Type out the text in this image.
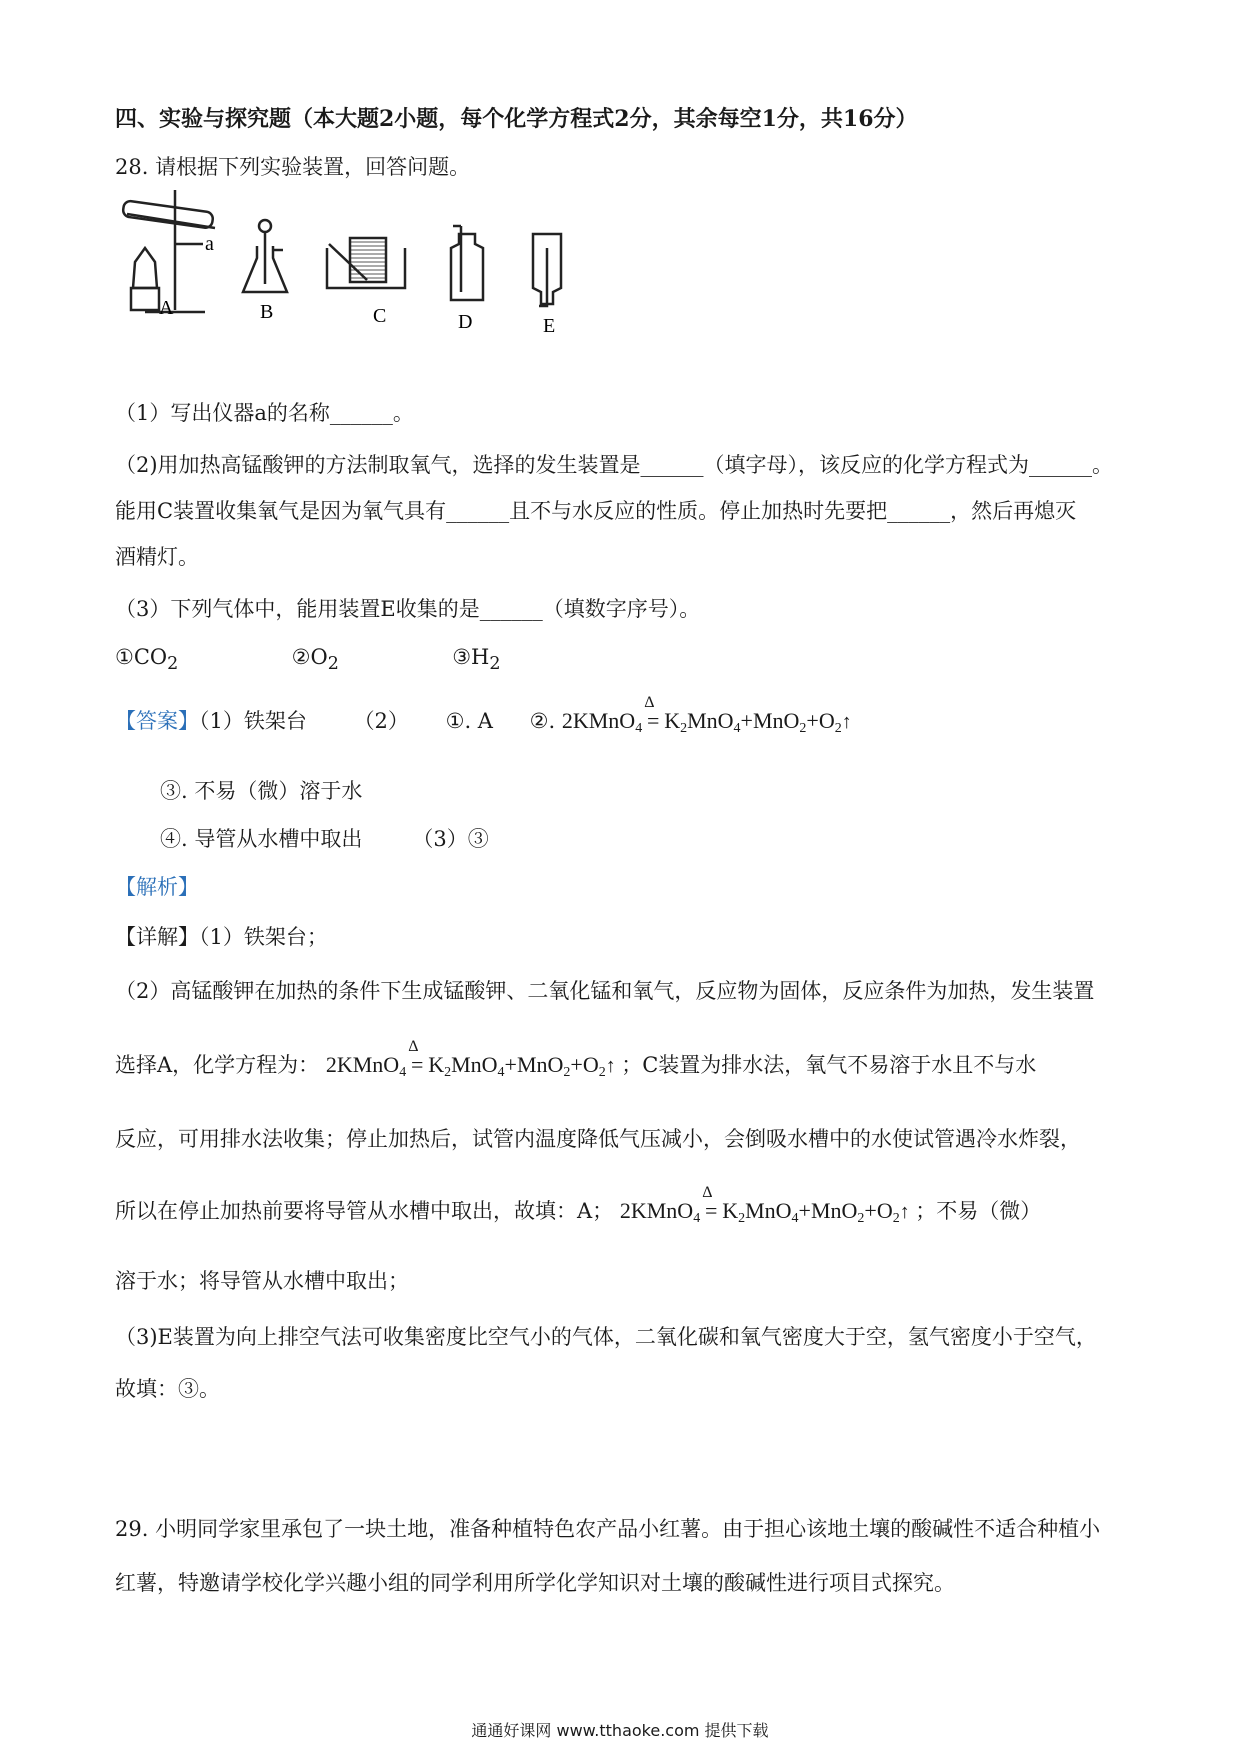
四、实验与探究题（本大题2小题，每个化学方程式2分，其余每空1分，共16分）
28. 请根据下列实验装置，回答问题。
a
A	B	C	D	E
（1）写出仪器a的名称______。
（2)用加热高锰酸钾的方法制取氧气，选择的发生装置是______（填字母），该反应的化学方程式为______。
能用C装置收集氧气是因为氧气具有______且不与水反应的性质。停止加热时先要把______，然后再熄灭
酒精灯。
（3）下列气体中，能用装置E收集的是______（填数字序号）。
$①CO_2$	$②O_2$	$③H_2$
【答案】（1）铁架台 （2） ①. A ②. 2KMnO$_4$
Δ
= $K_2MnO_4+MnO_2+O_2↑$
③. 不易（微）溶于水
④. 导管从水槽中取出 （3）③
【解析】
【详解】（1）铁架台；
（2）高锰酸钾在加热的条件下生成锰酸钾、二氧化锰和氧气，反应物为固体，反应条件为加热，发生装置
选择A，化学方程为： 2KMnO$_4$
Δ
= $K_2MnO_4+MnO_2+O_2↑$ ；C装置为排水法，氧气不易溶于水且不与水
反应，可用排水法收集；停止加热后，试管内温度降低气压减小，会倒吸水槽中的水使试管遇冷水炸裂，
所以在停止加热前要将导管从水槽中取出，故填：A； 2KMnO$_4$
Δ
= $K_2MnO_4+MnO_2+O_2↑$ ；不易（微）
溶于水；将导管从水槽中取出；
（3)E装置为向上排空气法可收集密度比空气小的气体，二氧化碳和氧气密度大于空，氢气密度小于空气，
故填：③。
29. 小明同学家里承包了一块土地，准备种植特色农产品小红薯。由于担心该地土壤的酸碱性不适合种植小
红薯，特邀请学校化学兴趣小组的同学利用所学化学知识对土壤的酸碱性进行项目式探究。
通通好课网 www.tthaoke.com 提供下载
